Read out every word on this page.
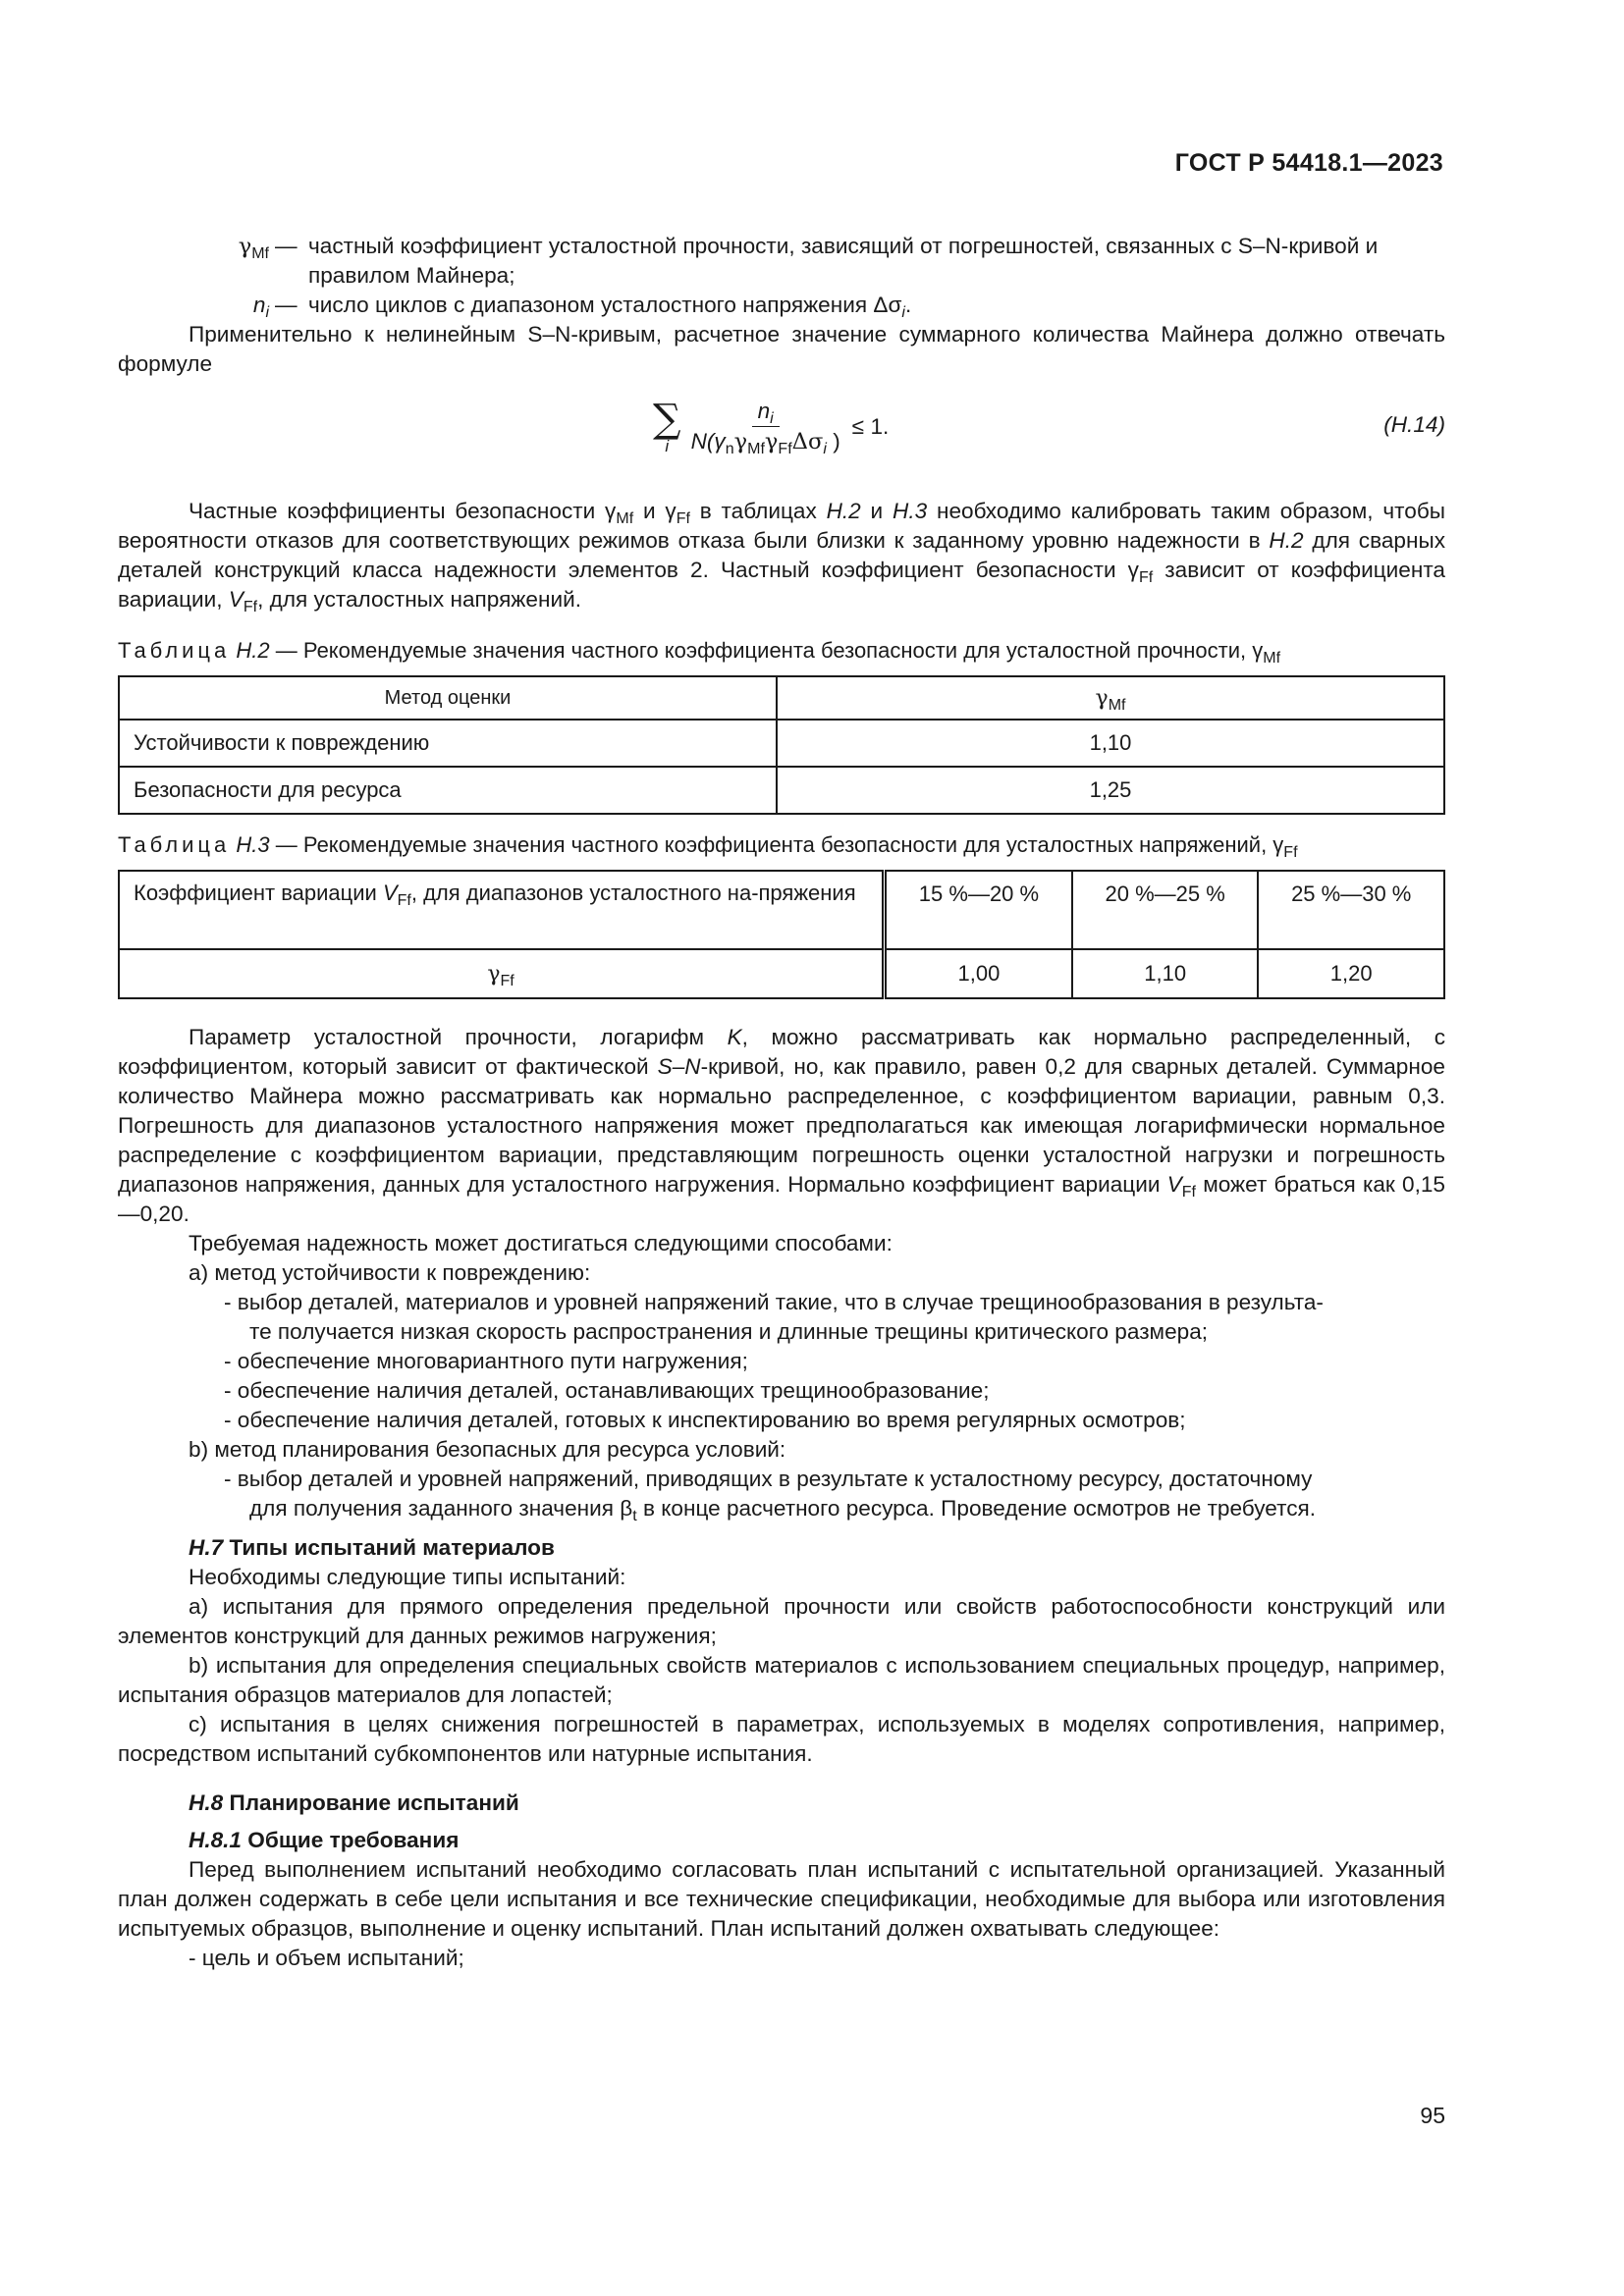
ГОСТ Р 54418.1—2023
$\gamma_{Mf}$ — частный коэффициент усталостной прочности, зависящий от погрешностей, связанных с S–N-кривой и правилом Майнера;
$n_i$ — число циклов с диапазоном усталостного напряжения $\Delta\sigma_i$.

Применительно к нелинейным S–N-кривым, расчетное значение суммарного количества Майнера должно отвечать формуле

∑
i $\frac{n_i}{N(\gamma_n\gamma_{Mf}\gamma_{Ff}\Delta\sigma_i )} \le 1$.	(Н.14)

Частные коэффициенты безопасности $\gamma_{Mf}$ и $\gamma_{Ff}$ в таблицах Н.2 и Н.3 необходимо калибровать таким образом, чтобы вероятности отказов для соответствующих режимов отказа были близки к заданному уровню надежности в Н.2 для сварных деталей конструкций класса надежности элементов 2. Частный коэффициент безопасности $\gamma_{Ff}$ зависит от коэффициента вариации, $V_{Ff}$, для усталостных напряжений.

Таблица Н.2 — Рекомендуемые значения частного коэффициента безопасности для усталостной прочности, $\gamma_{Mf}$
Метод оценки	$\gamma_{Mf}$
Устойчивости к повреждению	1,10
Безопасности для ресурса	1,25
Таблица Н.3 — Рекомендуемые значения частного коэффициента безопасности для усталостных напряжений, $\gamma_{Ff}$
Коэффициент вариации $V_{Ff}$, для диапазонов усталостного на-пряжения	15 %—20 %	20 %—25 %	25 %—30 %
$\gamma_{Ff}$	1,00	1,10	1,20

Параметр усталостной прочности, логарифм K, можно рассматривать как нормально распределенный, с коэффициентом, который зависит от фактической S–N-кривой, но, как правило, равен 0,2 для сварных деталей. Суммарное количество Майнера можно рассматривать как нормально распределенное, с коэффициентом вариации, равным 0,3. Погрешность для диапазонов усталостного напряжения может предполагаться как имеющая логарифмически нормальное распределение с коэффициентом вариации, представляющим погрешность оценки усталостной нагрузки и погрешность диапазонов напряжения, данных для усталостного нагружения. Нормально коэффициент вариации $V_{Ff}$ может браться как 0,15—0,20.

Требуемая надежность может достигаться следующими способами:

a) метод устойчивости к повреждению:
- выбор деталей, материалов и уровней напряжений такие, что в случае трещинообразования в результа-
те получается низкая скорость распространения и длинные трещины критического размера;
- обеспечение многовариантного пути нагружения;
- обеспечение наличия деталей, останавливающих трещинообразование;
- обеспечение наличия деталей, готовых к инспектированию во время регулярных осмотров;
b) метод планирования безопасных для ресурса условий:
- выбор деталей и уровней напряжений, приводящих в результате к усталостному ресурсу, достаточному
для получения заданного значения $\beta_t$ в конце расчетного ресурса. Проведение осмотров не требуется.
Н.7 Типы испытаний материалов

Необходимы следующие типы испытаний:

а) испытания для прямого определения предельной прочности или свойств работоспособности конструкций или элементов конструкций для данных режимов нагружения;

b) испытания для определения специальных свойств материалов с использованием специальных процедур, например, испытания образцов материалов для лопастей;

c) испытания в целях снижения погрешностей в параметрах, используемых в моделях сопротивления, например, посредством испытаний субкомпонентов или натурные испытания.

Н.8 Планирование испытаний
Н.8.1 Общие требования

Перед выполнением испытаний необходимо согласовать план испытаний с испытательной организацией. Указанный план должен содержать в себе цели испытания и все технические спецификации, необходимые для выбора или изготовления испытуемых образцов, выполнение и оценку испытаний. План испытаний должен охватывать следующее:

- цель и объем испытаний;
95
